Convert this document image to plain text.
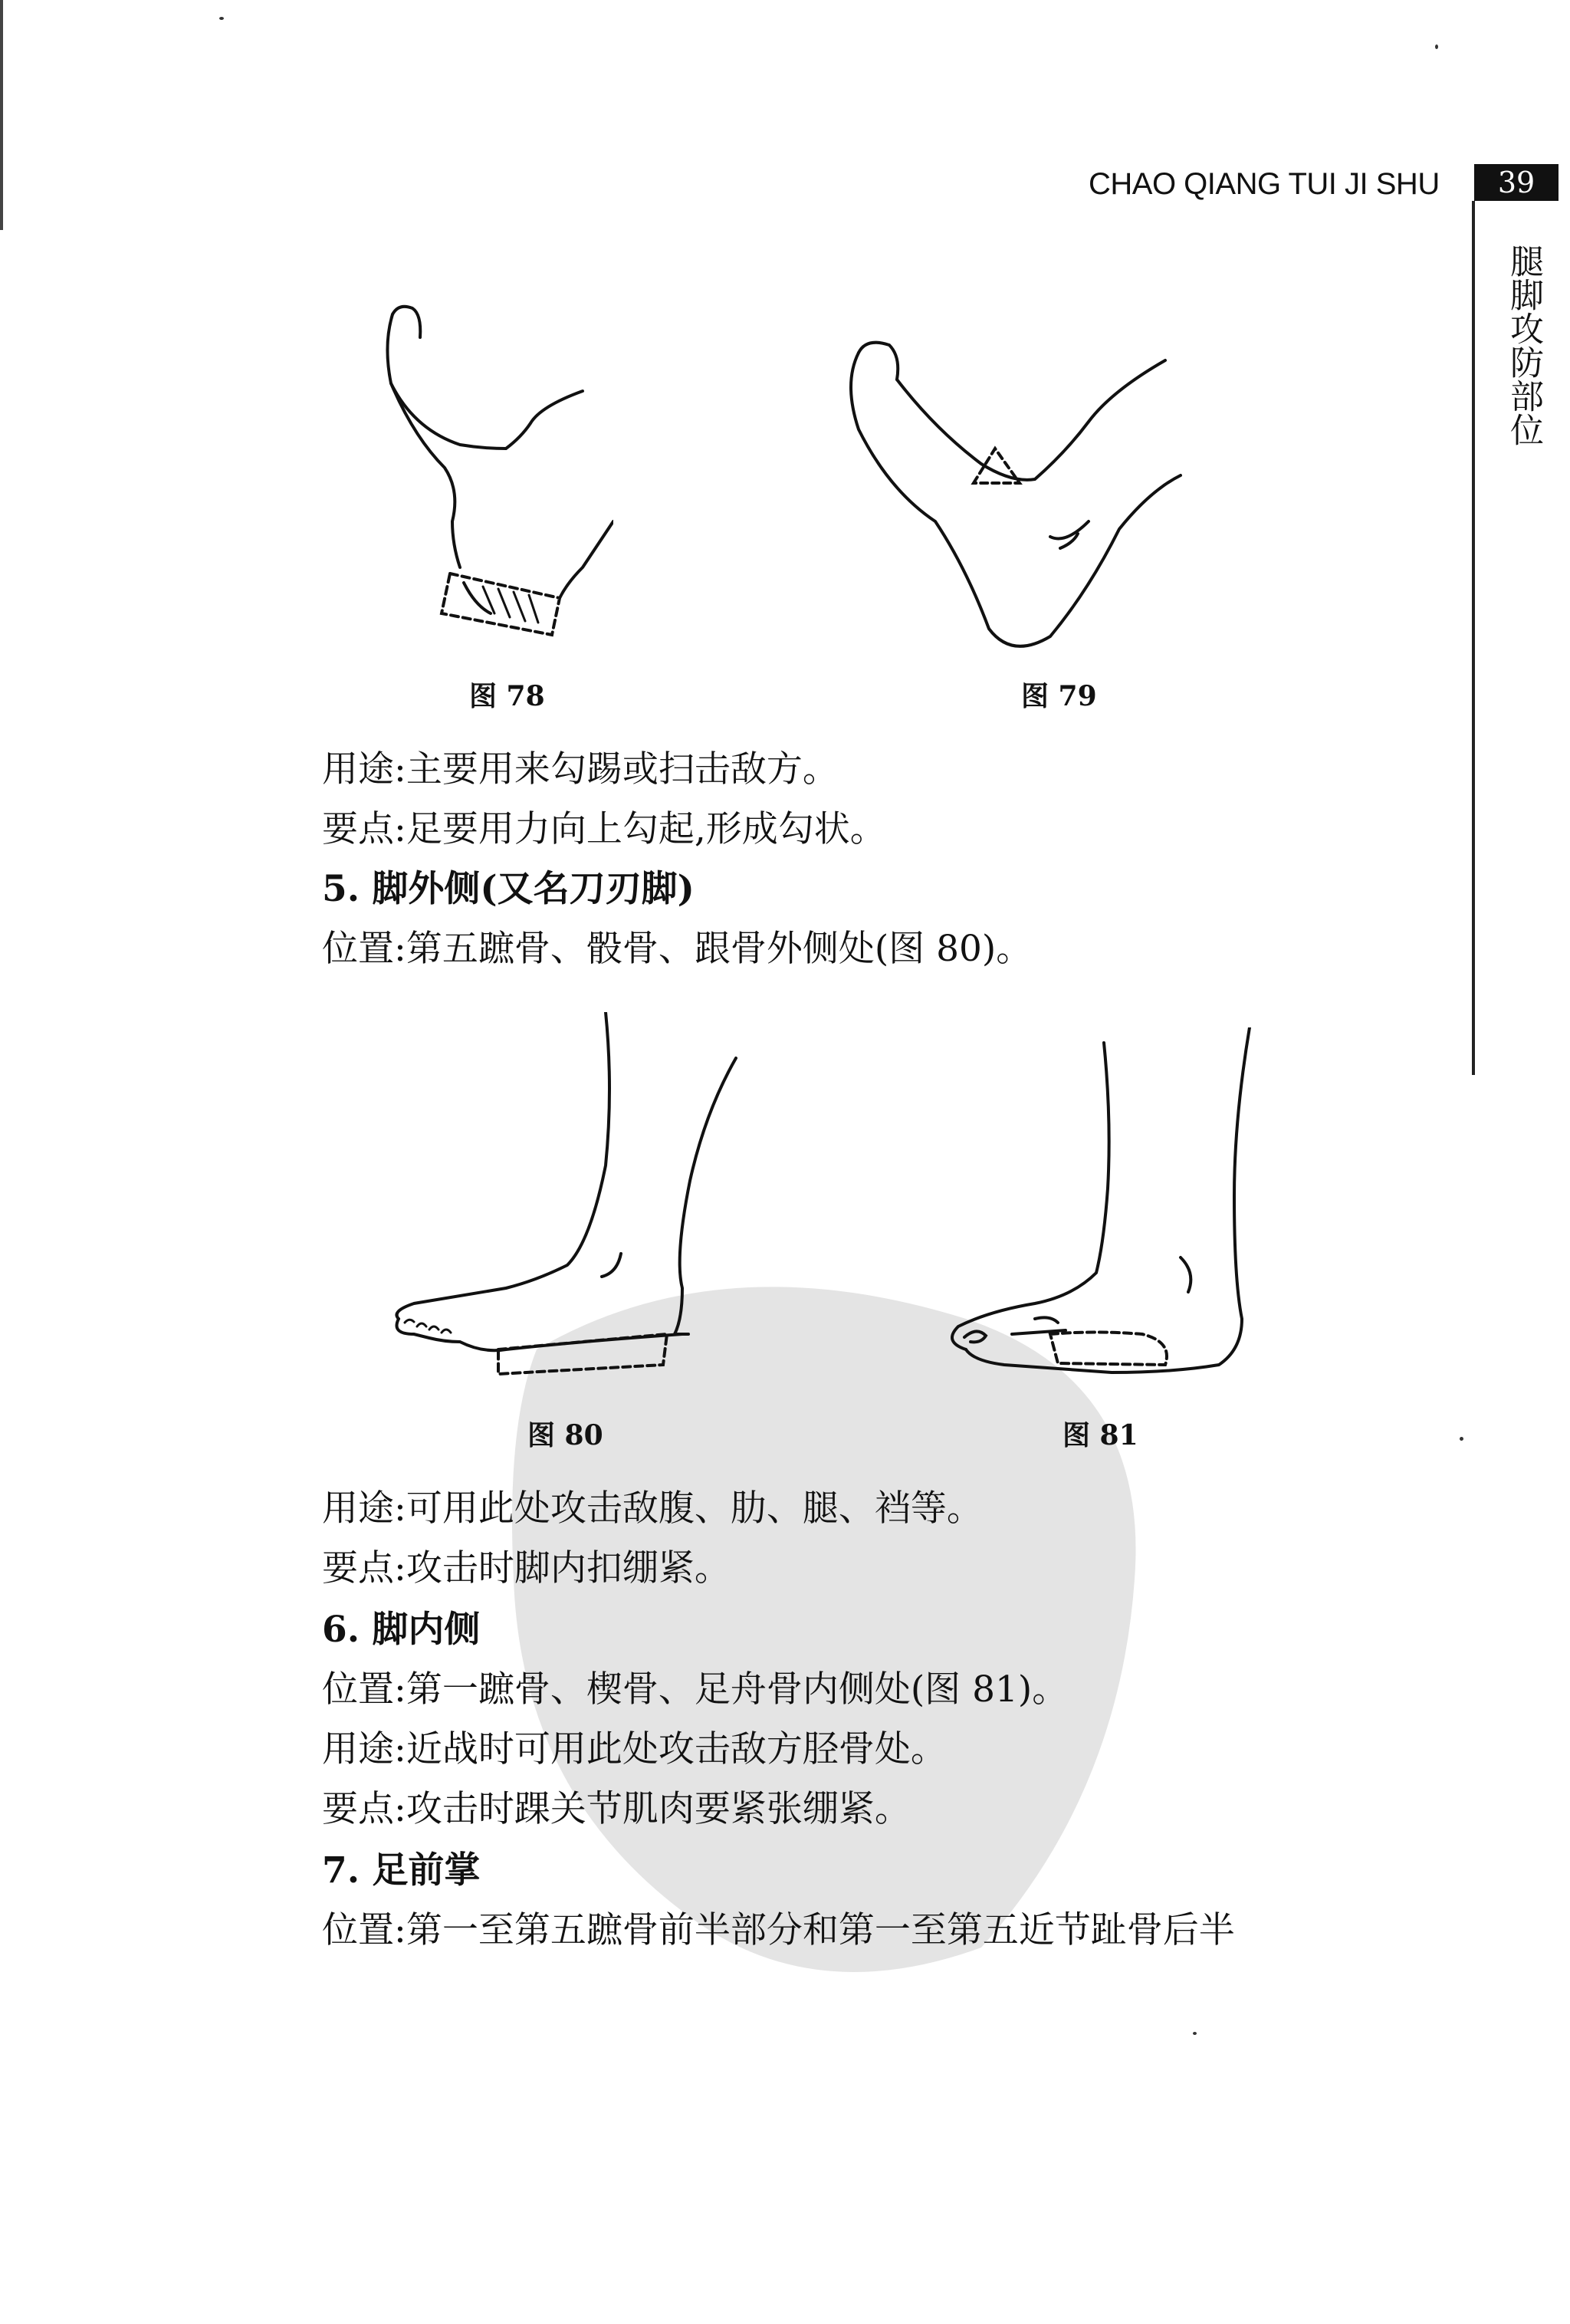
CHAO QIANG TUI JI SHU	39
腿脚攻防部位
图 78	图 79
用途:主要用来勾踢或扫击敌方。
要点:足要用力向上勾起,形成勾状。
5. 脚外侧(又名刀刃脚)
位置:第五蹠骨、骰骨、跟骨外侧处(图 80)。
图 80	图 81
用途:可用此处攻击敌腹、肋、腿、裆等。
要点:攻击时脚内扣绷紧。
6. 脚内侧
位置:第一蹠骨、楔骨、足舟骨内侧处(图 81)。
用途:近战时可用此处攻击敌方胫骨处。
要点:攻击时踝关节肌肉要紧张绷紧。
7. 足前掌
位置:第一至第五蹠骨前半部分和第一至第五近节趾骨后半
